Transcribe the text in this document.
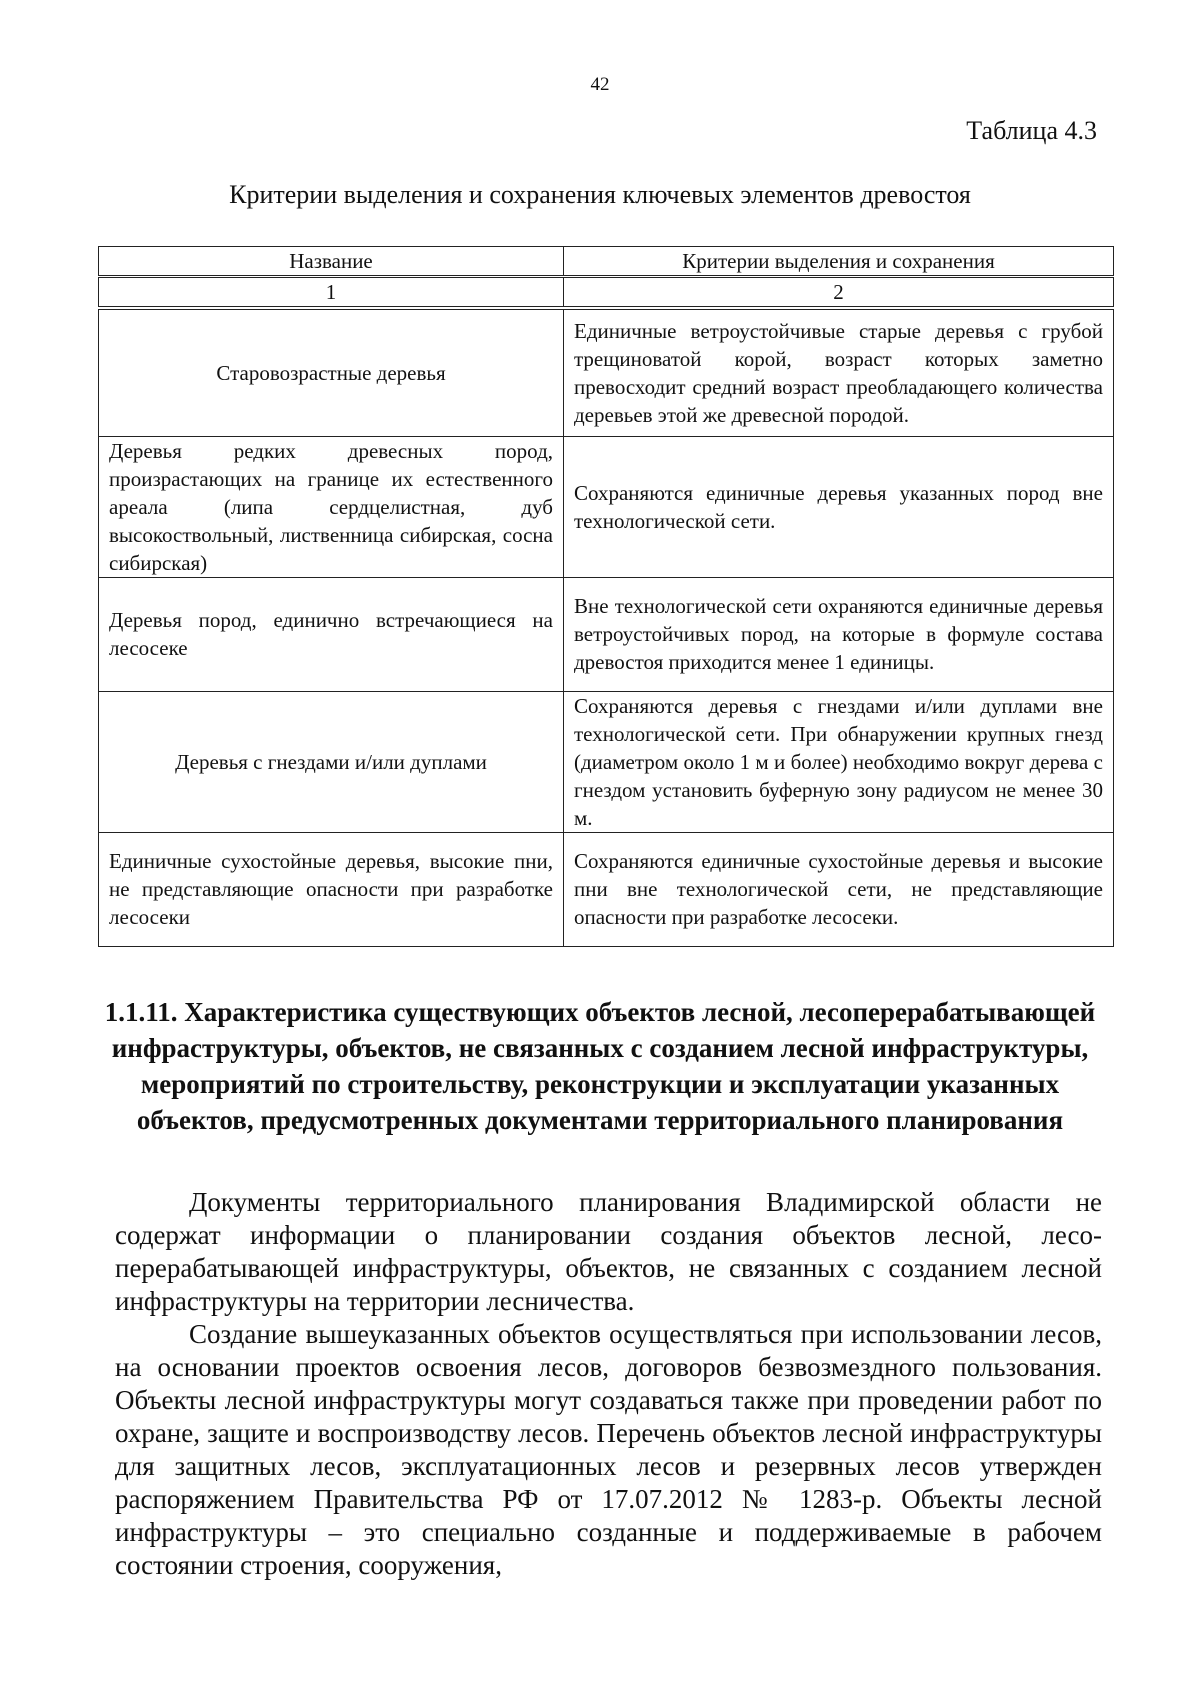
42
Таблица 4.3
Критерии выделения и сохранения ключевых элементов древостоя
Название	Критерии выделения и сохранения
1	2
Старовозрастные деревья	Единичные ветроустойчивые старые деревья с грубой трещиноватой корой, возраст которых заметно превосходит средний возраст преобладающего количества деревьев этой же древесной породой.
Деревья редких древесных пород, произрастающих на границе их естественного ареала (липа сердцелистная, дуб высокоствольный, лиственница сибирская, сосна сибирская)	Сохраняются единичные деревья указанных пород вне технологической сети.
Деревья пород, единично встречающиеся на лесосеке	Вне технологической сети охраняются единичные деревья ветроустойчивых пород, на которые в формуле состава древостоя приходится менее 1 единицы.
Деревья с гнездами и/или дуплами	Сохраняются деревья с гнездами и/или дуплами вне технологической сети. При обнаружении крупных гнезд (диаметром около 1 м и более) необходимо вокруг дерева с гнездом установить буферную зону радиусом не менее 30 м.
Единичные сухостойные деревья, высокие пни, не представляющие опасности при разработке лесосеки	Сохраняются единичные сухостойные деревья и высокие пни вне технологической сети, не представляющие опасности при разработке лесосеки.
1.1.11. Характеристика существующих объектов лесной, лесоперерабатывающей инфраструктуры, объектов, не связанных с созданием лесной инфраструктуры, мероприятий по строительству, реконструкции и эксплуатации указанных объектов, предусмотренных документами территориального планирования

Документы территориального планирования Владимирской области не содержат информации о планировании создания объектов лесной, лесоперерабатывающей инфраструктуры, объектов, не связанных с созданием лесной инфраструктуры на территории лесничества.

Создание вышеуказанных объектов осуществляться при использовании лесов, на основании проектов освоения лесов, договоров безвозмездного пользования. Объекты лесной инфраструктуры могут создаваться также при проведении работ по охране, защите и воспроизводству лесов. Перечень объектов лесной инфраструктуры для защитных лесов, эксплуатационных лесов и резервных лесов утвержден распоряжением Правительства РФ от 17.07.2012 № 1283-р. Объекты лесной инфраструктуры – это специально созданные и поддерживаемые в рабочем состоянии строения, сооружения,
